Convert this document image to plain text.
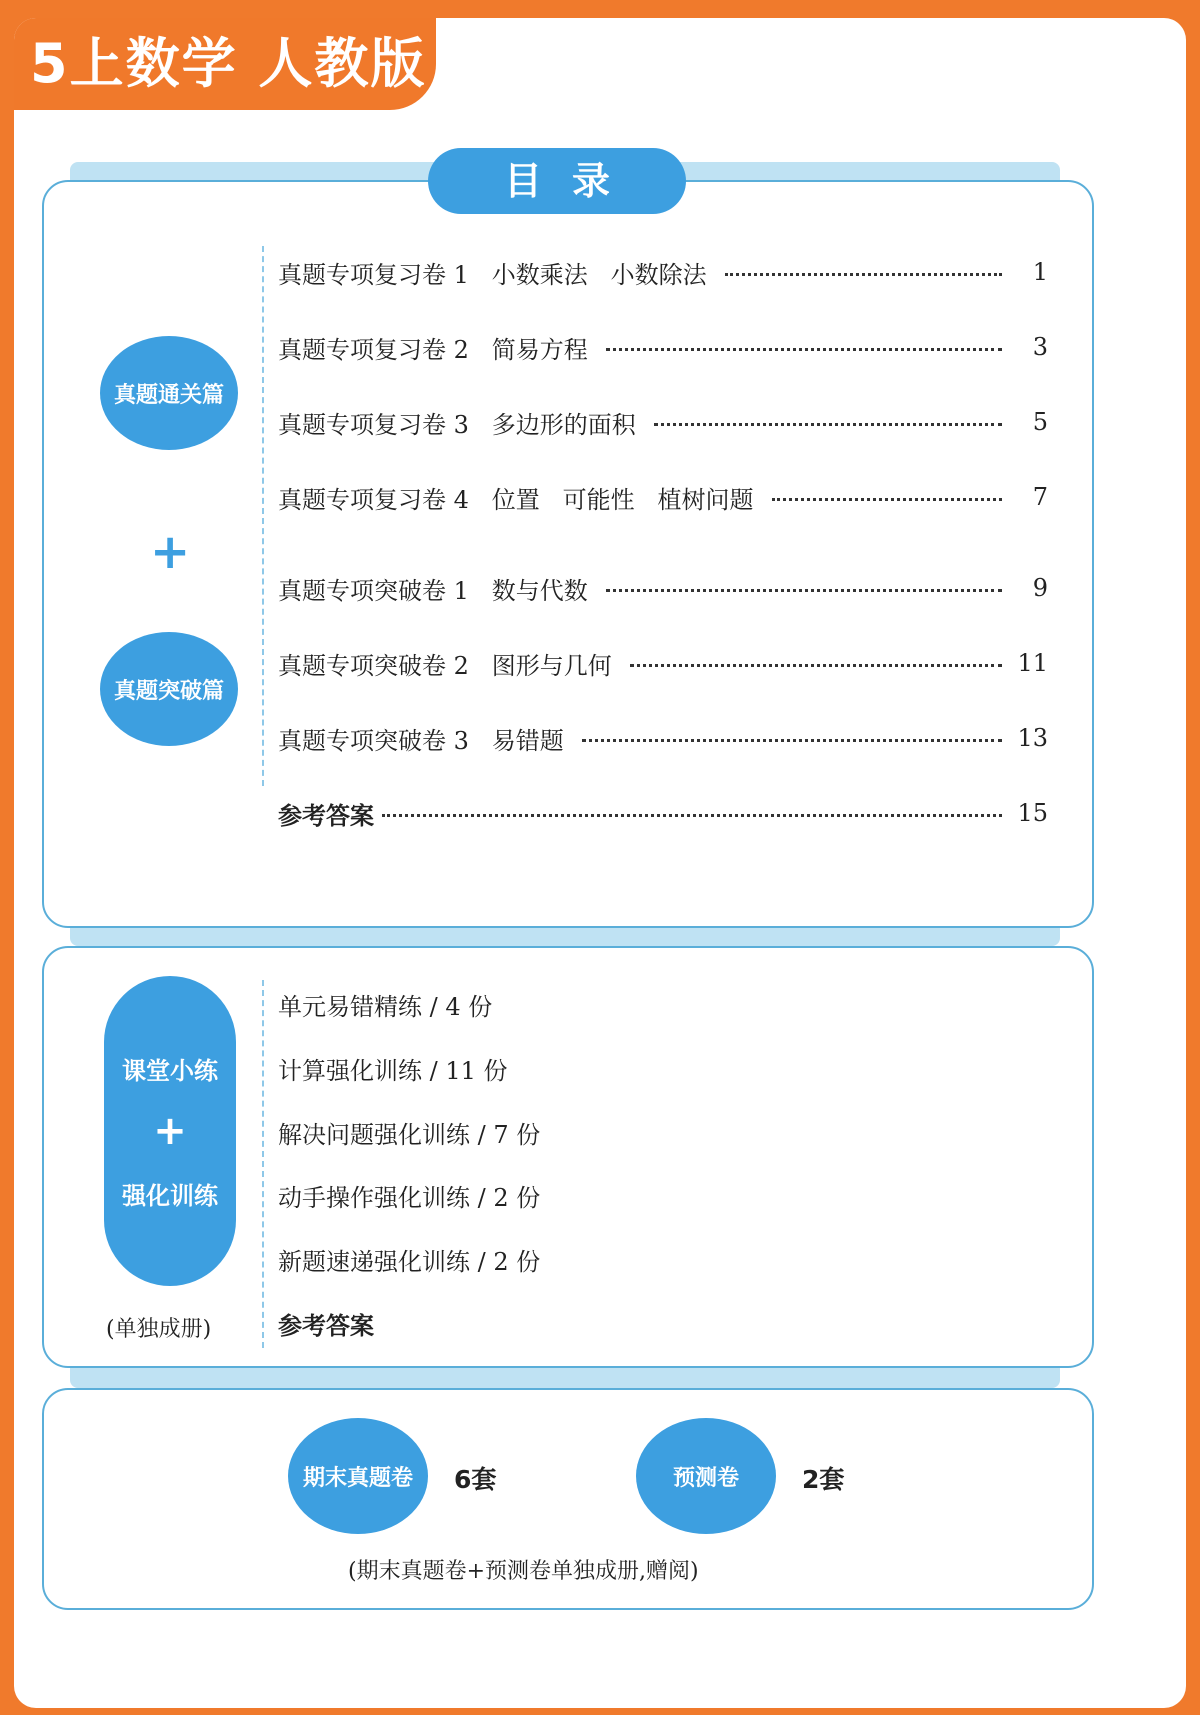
5上数学 人教版
目录
真题通关篇
+
真题突破篇
真题专项复习卷 1   小数乘法   小数除法	1
真题专项复习卷 2   简易方程	3
真题专项复习卷 3   多边形的面积	5
真题专项复习卷 4   位置   可能性   植树问题	7
真题专项突破卷 1   数与代数	9
真题专项突破卷 2   图形与几何	11
真题专项突破卷 3   易错题	13
参考答案	15
课堂小练
+
强化训练
(单独成册)
单元易错精练 / 4 份
计算强化训练 / 11 份
解决问题强化训练 / 7 份
动手操作强化训练 / 2 份
新题速递强化训练 / 2 份
参考答案
期末真题卷	6套	预测卷	2套
(期末真题卷+预测卷单独成册,赠阅)
